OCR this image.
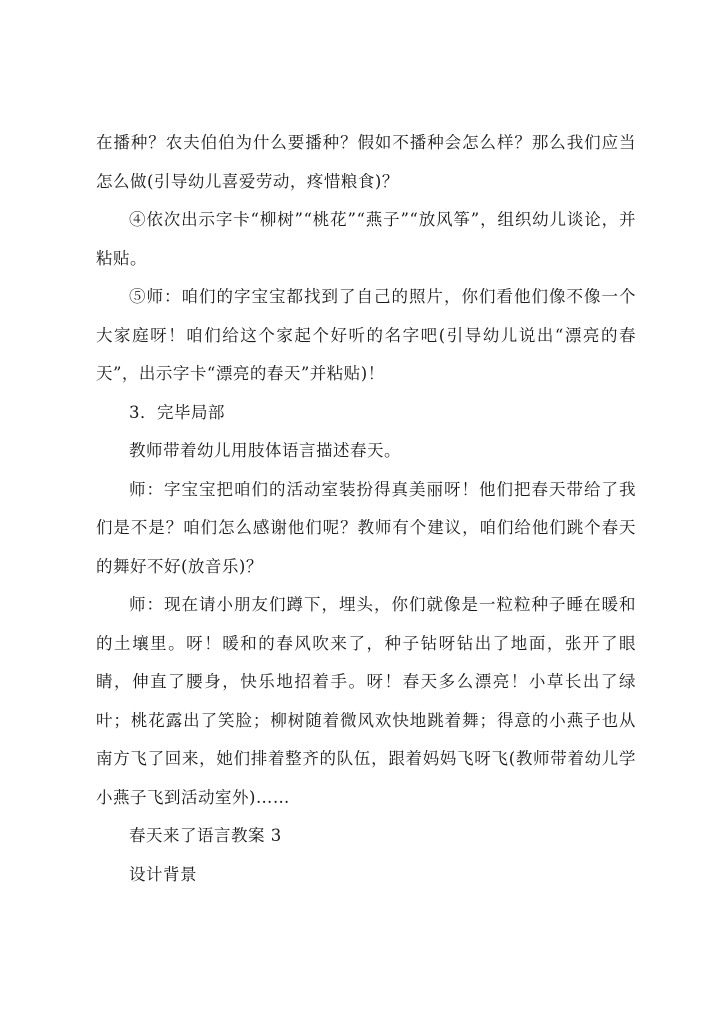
在播种？农夫伯伯为什么要播种？假如不播种会怎么样？那么我们应当怎么做(引导幼儿喜爱劳动，疼惜粮食)？

④依次出示字卡“柳树”“桃花”“燕子”“放风筝”，组织幼儿谈论，并粘贴。

⑤师：咱们的字宝宝都找到了自己的照片，你们看他们像不像一个大家庭呀！咱们给这个家起个好听的名字吧(引导幼儿说出“漂亮的春天”，出示字卡“漂亮的春天”并粘贴)！

3．完毕局部

教师带着幼儿用肢体语言描述春天。

师：字宝宝把咱们的活动室装扮得真美丽呀！他们把春天带给了我们是不是？咱们怎么感谢他们呢？教师有个建议，咱们给他们跳个春天的舞好不好(放音乐)？

师：现在请小朋友们蹲下，埋头，你们就像是一粒粒种子睡在暖和的土壤里。呀！暖和的春风吹来了，种子钻呀钻出了地面，张开了眼睛，伸直了腰身，快乐地招着手。呀！春天多么漂亮！小草长出了绿叶；桃花露出了笑脸；柳树随着微风欢快地跳着舞；得意的小燕子也从南方飞了回来，她们排着整齐的队伍，跟着妈妈飞呀飞(教师带着幼儿学小燕子飞到活动室外)……

春天来了语言教案 3

设计背景
